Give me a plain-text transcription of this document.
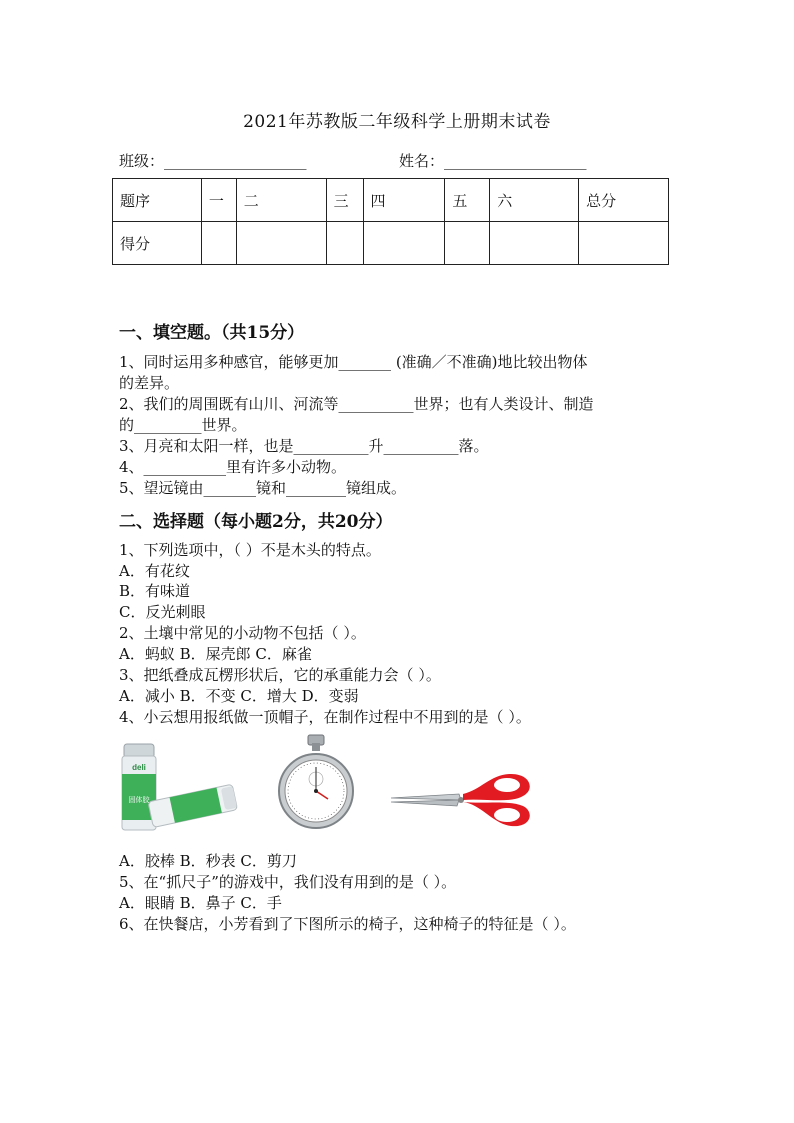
2021年苏教版二年级科学上册期末试卷
班级：___________________	姓名：___________________
题序	一	二	三	四	五	六	总分
得分							
一、填空题。（共15分）
1、同时运用多种感官，能够更加_______ (准确／不准确)地比较出物体
的差异。
2、我们的周围既有山川、河流等__________世界；也有人类设计、制造
的_________世界。
3、月亮和太阳一样，也是__________升__________落。
4、___________里有许多小动物。
5、望远镜由_______镜和________镜组成。
二、选择题（每小题2分，共20分）
1、下列选项中，（ ）不是木头的特点。
A．有花纹
B．有味道
C．反光刺眼
2、土壤中常见的小动物不包括（ ）。
A．蚂蚁 B．屎壳郎 C．麻雀
3、把纸叠成瓦楞形状后，它的承重能力会（ ）。
A．减小 B．不变 C．增大 D．变弱
4、小云想用报纸做一顶帽子，在制作过程中不用到的是（ ）。
deli
固体胶
A．胶棒 B．秒表 C．剪刀
5、在“抓尺子”的游戏中，我们没有用到的是（ ）。
A．眼睛 B．鼻子 C．手
6、在快餐店，小芳看到了下图所示的椅子，这种椅子的特征是（ ）。
